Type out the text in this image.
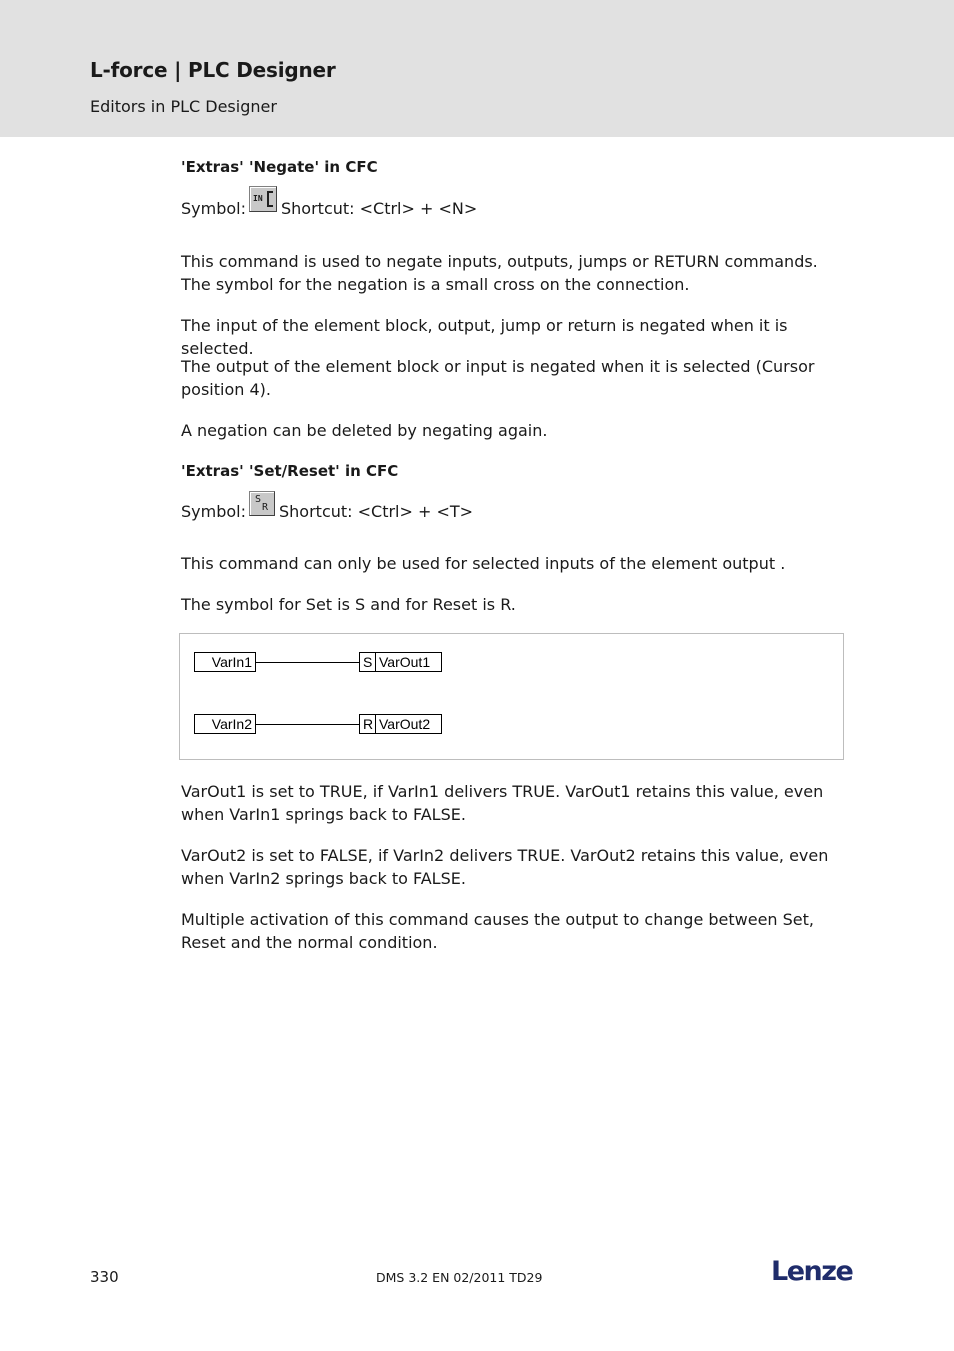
L-force | PLC Designer
Editors in PLC Designer
'Extras' 'Negate' in CFC
Symbol:
IN
Shortcut: <Ctrl> + <N>
This command is used to negate inputs, outputs, jumps or RETURN commands. The symbol for the negation is a small cross on the connection.
The input of the element block, output, jump or return is negated when it is selected.
The output of the element block or input is negated when it is selected (Cursor position 4).
A negation can be deleted by negating again.
'Extras' 'Set/Reset' in CFC
Symbol:
S
R Shortcut: <Ctrl> + <T>
This command can only be used for selected inputs of the element output .
The symbol for Set is S and for Reset is R.
VarOut1 is set to TRUE, if VarIn1 delivers TRUE. VarOut1 retains this value, even when VarIn1 springs back to FALSE.
VarOut2 is set to FALSE, if VarIn2 delivers TRUE. VarOut2 retains this value, even when VarIn2 springs back to FALSE.
Multiple activation of this command causes the output to change between Set, Reset and the normal condition.
VarIn1	S VarOut1
VarIn2	R VarOut2
330	DMS 3.2 EN 02/2011 TD29	Lenze
